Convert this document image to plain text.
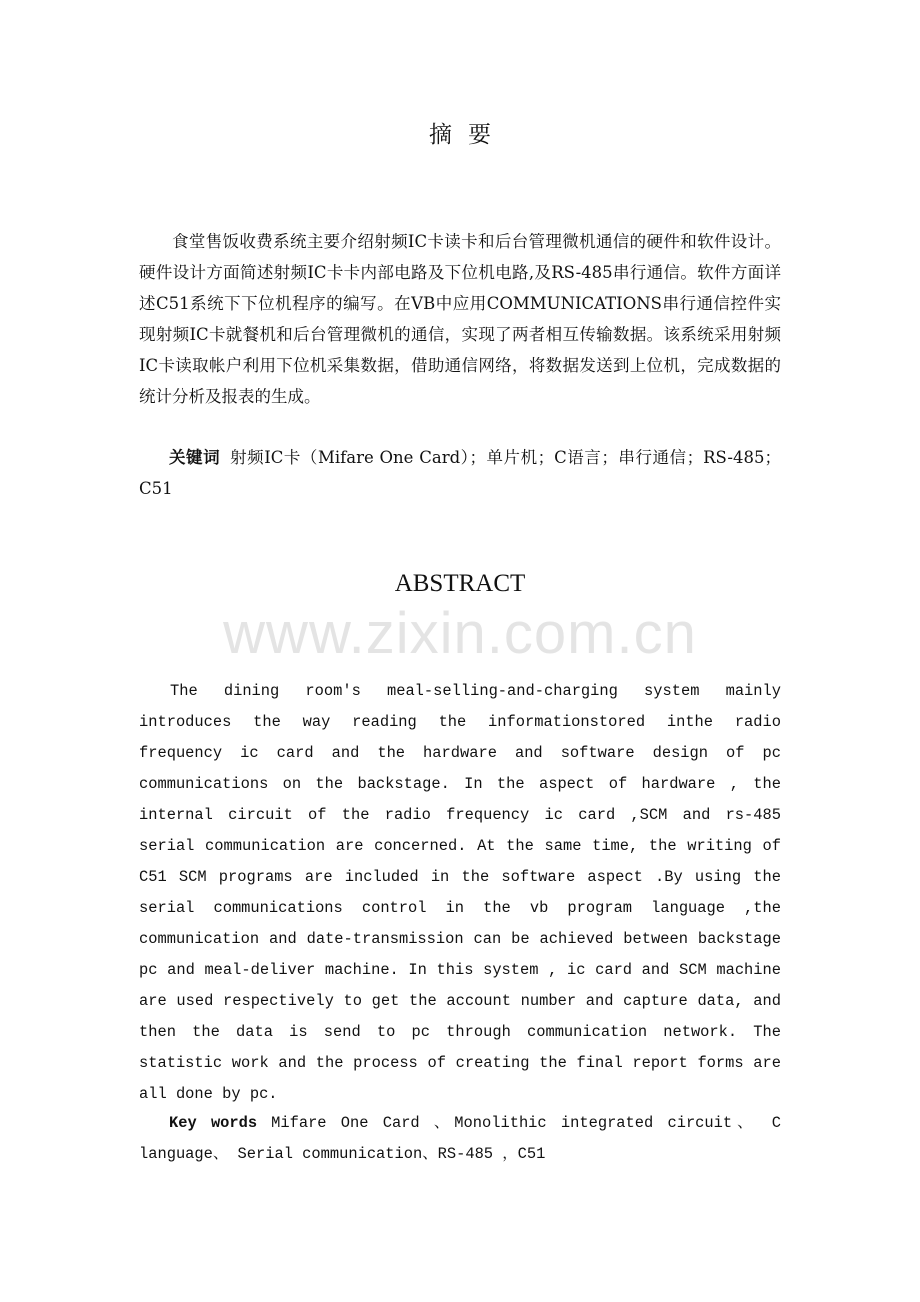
摘要

食堂售饭收费系统主要介绍射频IC卡读卡和后台管理微机通信的硬件和软件设计。硬件设计方面简述射频IC卡卡内部电路及下位机电路,及RS-485串行通信。软件方面详述C51系统下下位机程序的编写。在VB中应用COMMUNICATIONS串行通信控件实现射频IC卡就餐机和后台管理微机的通信，实现了两者相互传输数据。该系统采用射频IC卡读取帐户利用下位机采集数据，借助通信网络，将数据发送到上位机，完成数据的统计分析及报表的生成。

关键词 射频IC卡（Mifare One Card）；单片机；C语言；串行通信；RS-485； C51

ABSTRACT
www.zixin.com.cn

The dining room's meal-selling-and-charging system mainly introduces the way reading the informationstored inthe radio frequency ic card and the hardware and software design of pc communications on the backstage. In the aspect of hardware , the internal circuit of the radio frequency ic card ,SCM and rs-485 serial communication are concerned. At the same time, the writing of C51 SCM programs are included in the software aspect .By using the serial communications control in the vb program language ,the communication and date-transmission can be achieved between backstage pc and meal-deliver machine. In this system , ic card and SCM machine are used respectively to get the account number and capture data, and then the data is send to pc through communication network. The statistic work and the process of creating the final report forms are all done by pc.

Key words Mifare One Card 、Monolithic integrated circuit、 C language、 Serial communication、RS-485 ，C51
